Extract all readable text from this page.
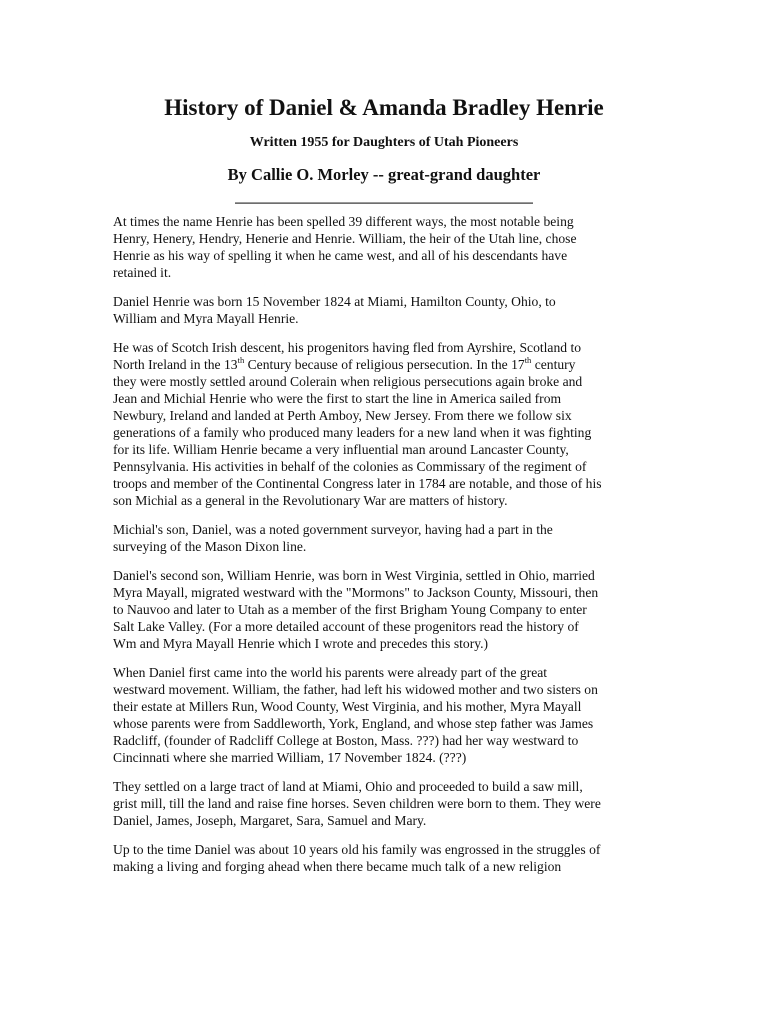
History of Daniel & Amanda Bradley Henrie
Written 1955 for Daughters of Utah Pioneers
By Callie O. Morley -- great-grand daughter

At times the name Henrie has been spelled 39 different ways, the most notable being
Henry, Henery, Hendry, Henerie and Henrie. William, the heir of the Utah line, chose
Henrie as his way of spelling it when he came west, and all of his descendants have
retained it.

Daniel Henrie was born 15 November 1824 at Miami, Hamilton County, Ohio, to
William and Myra Mayall Henrie.

He was of Scotch Irish descent, his progenitors having fled from Ayrshire, Scotland to
North Ireland in the 13th Century because of religious persecution. In the 17th century
they were mostly settled around Colerain when religious persecutions again broke and
Jean and Michial Henrie who were the first to start the line in America sailed from
Newbury, Ireland and landed at Perth Amboy, New Jersey. From there we follow six
generations of a family who produced many leaders for a new land when it was fighting
for its life. William Henrie became a very influential man around Lancaster County,
Pennsylvania. His activities in behalf of the colonies as Commissary of the regiment of
troops and member of the Continental Congress later in 1784 are notable, and those of his
son Michial as a general in the Revolutionary War are matters of history.

Michial's son, Daniel, was a noted government surveyor, having had a part in the
surveying of the Mason Dixon line.

Daniel's second son, William Henrie, was born in West Virginia, settled in Ohio, married
Myra Mayall, migrated westward with the "Mormons" to Jackson County, Missouri, then
to Nauvoo and later to Utah as a member of the first Brigham Young Company to enter
Salt Lake Valley. (For a more detailed account of these progenitors read the history of
Wm and Myra Mayall Henrie which I wrote and precedes this story.)

When Daniel first came into the world his parents were already part of the great
westward movement. William, the father, had left his widowed mother and two sisters on
their estate at Millers Run, Wood County, West Virginia, and his mother, Myra Mayall
whose parents were from Saddleworth, York, England, and whose step father was James
Radcliff, (founder of Radcliff College at Boston, Mass. ???) had her way westward to
Cincinnati where she married William, 17 November 1824. (???)

They settled on a large tract of land at Miami, Ohio and proceeded to build a saw mill,
grist mill, till the land and raise fine horses. Seven children were born to them. They were
Daniel, James, Joseph, Margaret, Sara, Samuel and Mary.

Up to the time Daniel was about 10 years old his family was engrossed in the struggles of
making a living and forging ahead when there became much talk of a new religion
